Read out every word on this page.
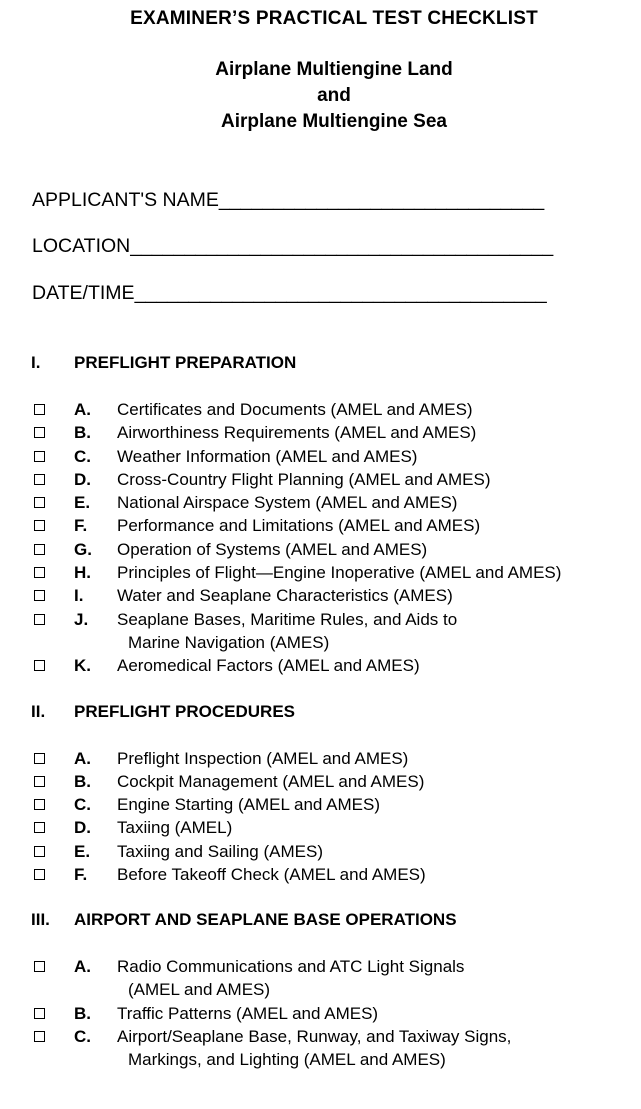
EXAMINER’S PRACTICAL TEST CHECKLIST
Airplane Multiengine Land
and
Airplane Multiengine Sea
APPLICANT'S NAME______________________________
LOCATION_______________________________________
DATE/TIME______________________________________
I. PREFLIGHT PREPARATION
A. Certificates and Documents (AMEL and AMES)
B. Airworthiness Requirements (AMEL and AMES)
C. Weather Information (AMEL and AMES)
D. Cross-Country Flight Planning (AMEL and AMES)
E. National Airspace System (AMEL and AMES)
F. Performance and Limitations (AMEL and AMES)
G. Operation of Systems (AMEL and AMES)
H. Principles of Flight—Engine Inoperative (AMEL and AMES)
I. Water and Seaplane Characteristics (AMES)
J. Seaplane Bases, Maritime Rules, and Aids to
Marine Navigation (AMES)
K. Aeromedical Factors (AMEL and AMES)
II. PREFLIGHT PROCEDURES
A. Preflight Inspection (AMEL and AMES)
B. Cockpit Management (AMEL and AMES)
C. Engine Starting (AMEL and AMES)
D. Taxiing (AMEL)
E. Taxiing and Sailing (AMES)
F. Before Takeoff Check (AMEL and AMES)
III. AIRPORT AND SEAPLANE BASE OPERATIONS
A. Radio Communications and ATC Light Signals
(AMEL and AMES)
B. Traffic Patterns (AMEL and AMES)
C. Airport/Seaplane Base, Runway, and Taxiway Signs,
Markings, and Lighting (AMEL and AMES)
